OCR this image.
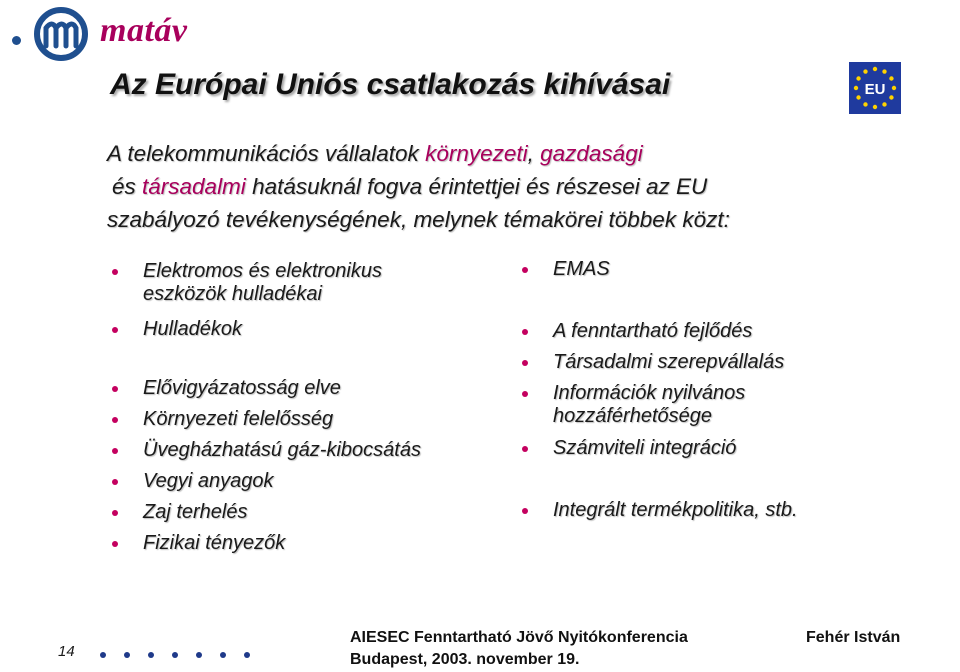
matáv
Az Európai Uniós csatlakozás kihívásai	EU
A telekommunikációs vállalatok környezeti, gazdasági
és társadalmi hatásuknál fogva érintettjei és részesei az EU
szabályozó tevékenységének, melynek témakörei többek közt:
Elektromos és elektronikus
eszközök hulladékai
Hulladékok
Elővigyázatosság elve
Környezeti felelősség
Üvegházhatású gáz-kibocsátás
Vegyi anyagok
Zaj terhelés
Fizikai tényezők
EMAS
A fenntartható fejlődés
Társadalmi szerepvállalás
Információk nyilvános
hozzáférhetősége
Számviteli integráció
Integrált termékpolitika, stb.
14
AIESEC Fenntartható Jövő Nyitókonferencia	Fehér István
Budapest, 2003. november 19.
